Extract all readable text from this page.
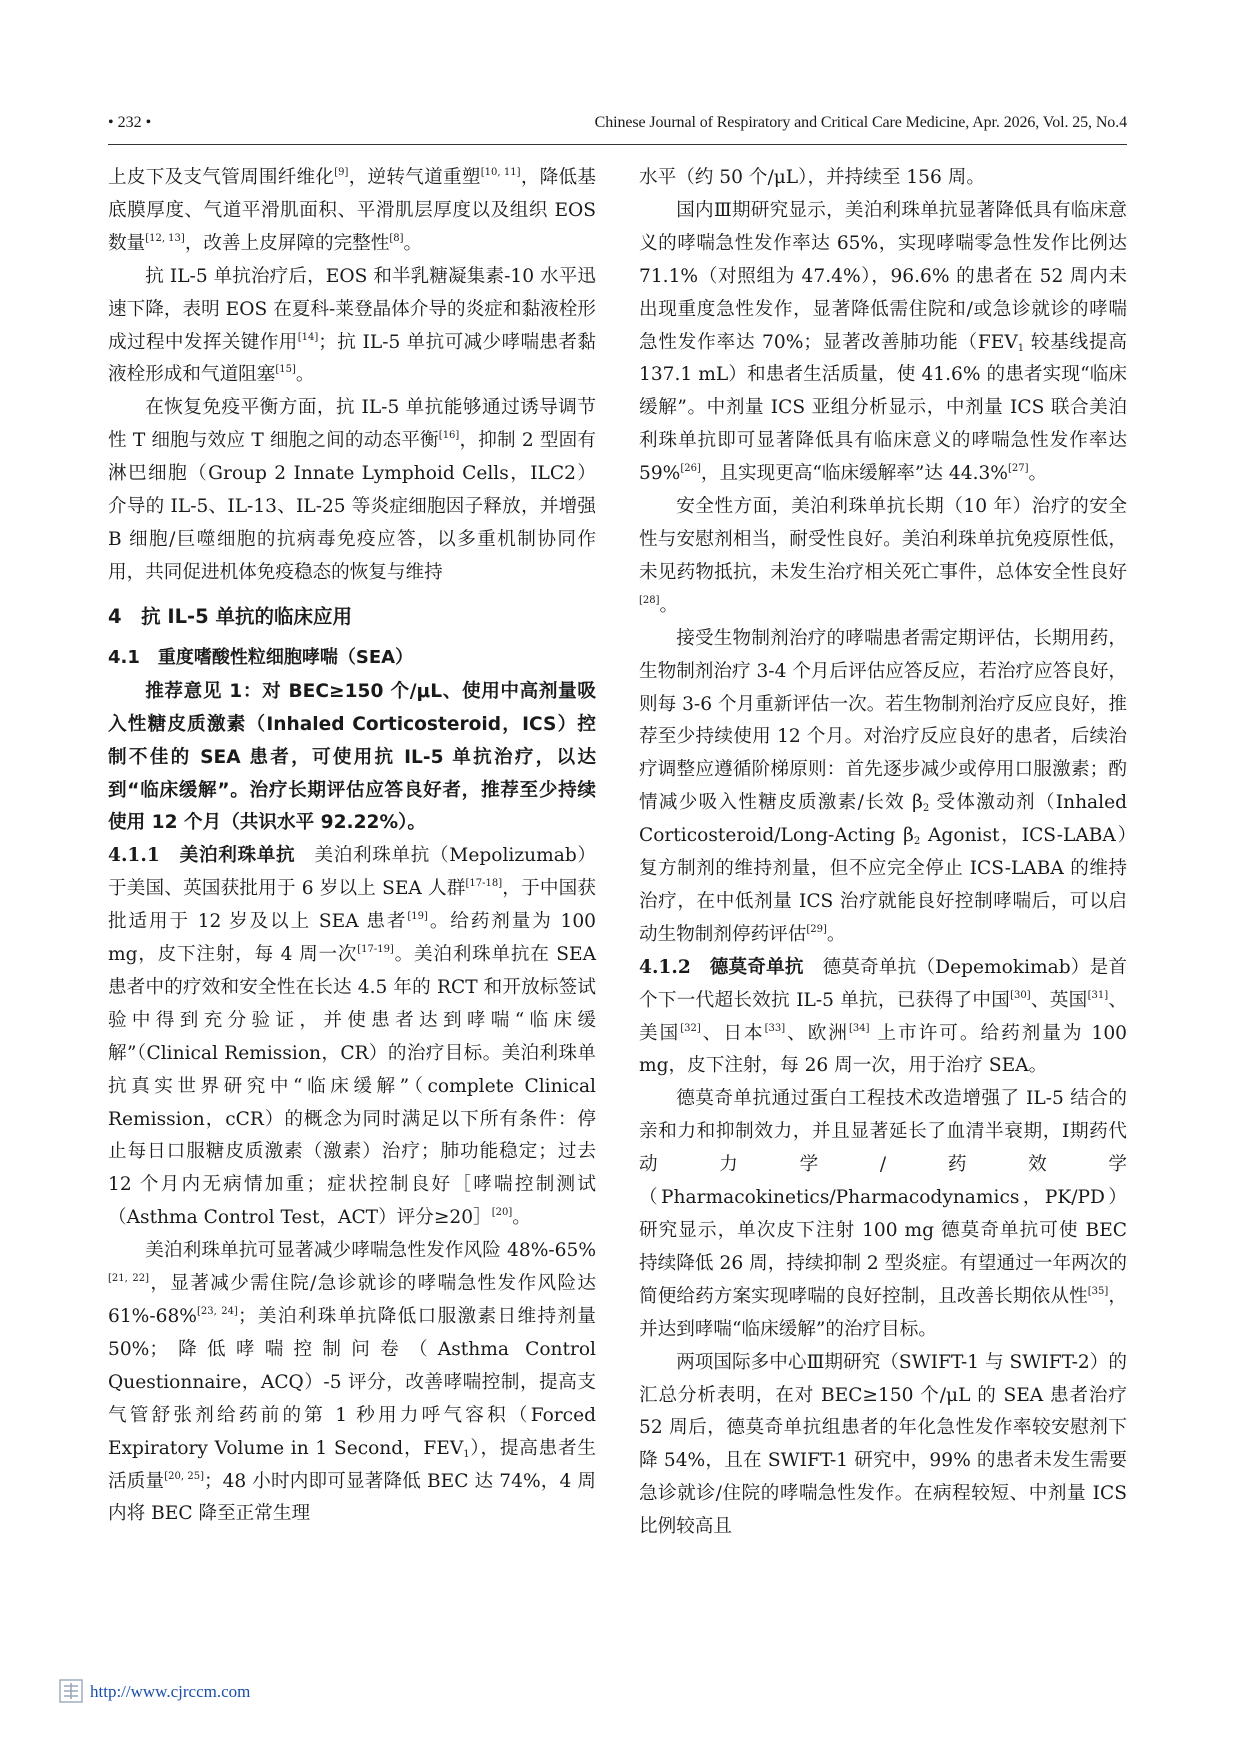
• 232 •	Chinese Journal of Respiratory and Critical Care Medicine, Apr. 2026, Vol. 25, No.4

上皮下及支气管周围纤维化[9]，逆转气道重塑[10, 11]，降低基底膜厚度、气道平滑肌面积、平滑肌层厚度以及组织 EOS 数量[12, 13]，改善上皮屏障的完整性[8]。

抗 IL-5 单抗治疗后，EOS 和半乳糖凝集素-10 水平迅速下降，表明 EOS 在夏科-莱登晶体介导的炎症和黏液栓形成过程中发挥关键作用[14]；抗 IL-5 单抗可减少哮喘患者黏液栓形成和气道阻塞[15]。

在恢复免疫平衡方面，抗 IL-5 单抗能够通过诱导调节性 T 细胞与效应 T 细胞之间的动态平衡[16]，抑制 2 型固有淋巴细胞（Group 2 Innate Lymphoid Cells，ILC2）介导的 IL-5、IL-13、IL-25 等炎症细胞因子释放，并增强 B 细胞/巨噬细胞的抗病毒免疫应答，以多重机制协同作用，共同促进机体免疫稳态的恢复与维持

4　抗 IL-5 单抗的临床应用
4.1　重度嗜酸性粒细胞哮喘（SEA）

推荐意见 1：对 BEC≥150 个/μL、使用中高剂量吸入性糖皮质激素（Inhaled Corticosteroid，ICS）控制不佳的 SEA 患者，可使用抗 IL-5 单抗治疗，以达到“临床缓解”。治疗长期评估应答良好者，推荐至少持续使用 12 个月（共识水平 92.22%）。

4.1.1　美泊利珠单抗　美泊利珠单抗（Mepolizumab）于美国、英国获批用于 6 岁以上 SEA 人群[17-18]，于中国获批适用于 12 岁及以上 SEA 患者[19]。给药剂量为 100 mg，皮下注射，每 4 周一次[17-19]。美泊利珠单抗在 SEA 患者中的疗效和安全性在长达 4.5 年的 RCT 和开放标签试验中得到充分验证，并使患者达到哮喘“临床缓解”（Clinical Remission，CR）的治疗目标。美泊利珠单抗真实世界研究中“临床缓解”（complete Clinical Remission，cCR）的概念为同时满足以下所有条件：停止每日口服糖皮质激素（激素）治疗；肺功能稳定；过去 12 个月内无病情加重；症状控制良好［哮喘控制测试（Asthma Control Test，ACT）评分≥20］[20]。

美泊利珠单抗可显著减少哮喘急性发作风险 48%-65%[21, 22]，显著减少需住院/急诊就诊的哮喘急性发作风险达 61%-68%[23, 24]；美泊利珠单抗降低口服激素日维持剂量 50%；降低哮喘控制问卷（Asthma Control Questionnaire，ACQ）-5 评分，改善哮喘控制，提高支气管舒张剂给药前的第 1 秒用力呼气容积（Forced Expiratory Volume in 1 Second，$FEV_1$），提高患者生活质量[20, 25]；48 小时内即可显著降低 BEC 达 74%，4 周内将 BEC 降至正常生理

水平（约 50 个/μL），并持续至 156 周。

国内Ⅲ期研究显示，美泊利珠单抗显著降低具有临床意义的哮喘急性发作率达 65%，实现哮喘零急性发作比例达 71.1%（对照组为 47.4%），96.6% 的患者在 52 周内未出现重度急性发作，显著降低需住院和/或急诊就诊的哮喘急性发作率达 70%；显著改善肺功能（$FEV_1$ 较基线提高 137.1 mL）和患者生活质量，使 41.6% 的患者实现“临床缓解”。中剂量 ICS 亚组分析显示，中剂量 ICS 联合美泊利珠单抗即可显著降低具有临床意义的哮喘急性发作率达 59%[26]，且实现更高“临床缓解率”达 44.3%[27]。

安全性方面，美泊利珠单抗长期（10 年）治疗的安全性与安慰剂相当，耐受性良好。美泊利珠单抗免疫原性低，未见药物抵抗，未发生治疗相关死亡事件，总体安全性良好[28]。

接受生物制剂治疗的哮喘患者需定期评估，长期用药，生物制剂治疗 3-4 个月后评估应答反应，若治疗应答良好，则每 3-6 个月重新评估一次。若生物制剂治疗反应良好，推荐至少持续使用 12 个月。对治疗反应良好的患者，后续治疗调整应遵循阶梯原则：首先逐步减少或停用口服激素；酌情减少吸入性糖皮质激素/长效 $\beta_2$ 受体激动剂（Inhaled Corticosteroid/Long-Acting $\beta_2$ Agonist，ICS-LABA）复方制剂的维持剂量，但不应完全停止 ICS-LABA 的维持治疗，在中低剂量 ICS 治疗就能良好控制哮喘后，可以启动生物制剂停药评估[29]。

4.1.2　德莫奇单抗　德莫奇单抗（Depemokimab）是首个下一代超长效抗 IL-5 单抗，已获得了中国[30]、英国[31]、美国[32]、日本[33]、欧洲[34] 上市许可。给药剂量为 100 mg，皮下注射，每 26 周一次，用于治疗 SEA。

德莫奇单抗通过蛋白工程技术改造增强了 IL-5 结合的亲和力和抑制效力，并且显著延长了血清半衰期，Ⅰ期药代动力学/药效学（Pharmacokinetics/Pharmacodynamics，PK/PD）研究显示，单次皮下注射 100 mg 德莫奇单抗可使 BEC 持续降低 26 周，持续抑制 2 型炎症。有望通过一年两次的简便给药方案实现哮喘的良好控制，且改善长期依从性[35]，并达到哮喘“临床缓解”的治疗目标。

两项国际多中心Ⅲ期研究（SWIFT-1 与 SWIFT-2）的汇总分析表明，在对 BEC≥150 个/μL 的 SEA 患者治疗 52 周后，德莫奇单抗组患者的年化急性发作率较安慰剂下降 54%，且在 SWIFT-1 研究中，99% 的患者未发生需要急诊就诊/住院的哮喘急性发作。在病程较短、中剂量 ICS 比例较高且

http://www.cjrccm.com
